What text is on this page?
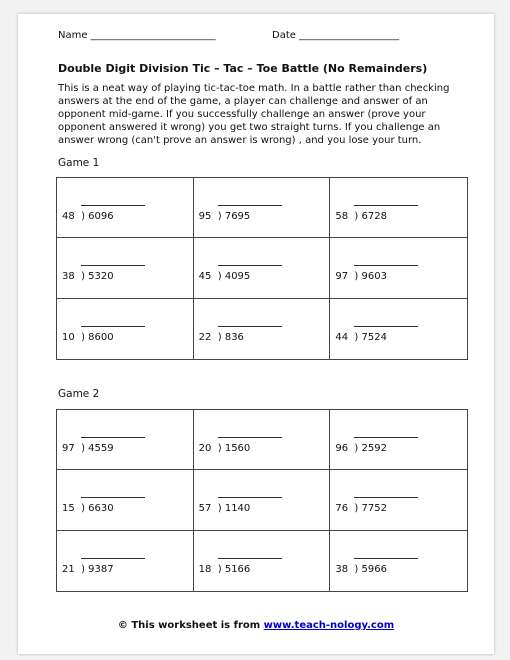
Name _________________________	Date ____________________
Double Digit Division Tic – Tac – Toe Battle (No Remainders)
This is a neat way of playing tic-tac-toe math. In a battle rather than checking answers at the end of the game, a player can challenge and answer of an opponent mid-game. If you successfully challenge an answer (prove your opponent answered it wrong) you get two straight turns. If you challenge an answer wrong (can't prove an answer is wrong) , and you lose your turn.
Game 1
48  ) 6096	95  ) 7695	58  ) 6728
38  ) 5320	45  ) 4095	97  ) 9603
10  ) 8600	22  ) 836	44  ) 7524
Game 2
97  ) 4559	20  ) 1560	96  ) 2592
15  ) 6630	57  ) 1140	76  ) 7752
21  ) 9387	18  ) 5166	38  ) 5966
© This worksheet is from www.teach-nology.com
